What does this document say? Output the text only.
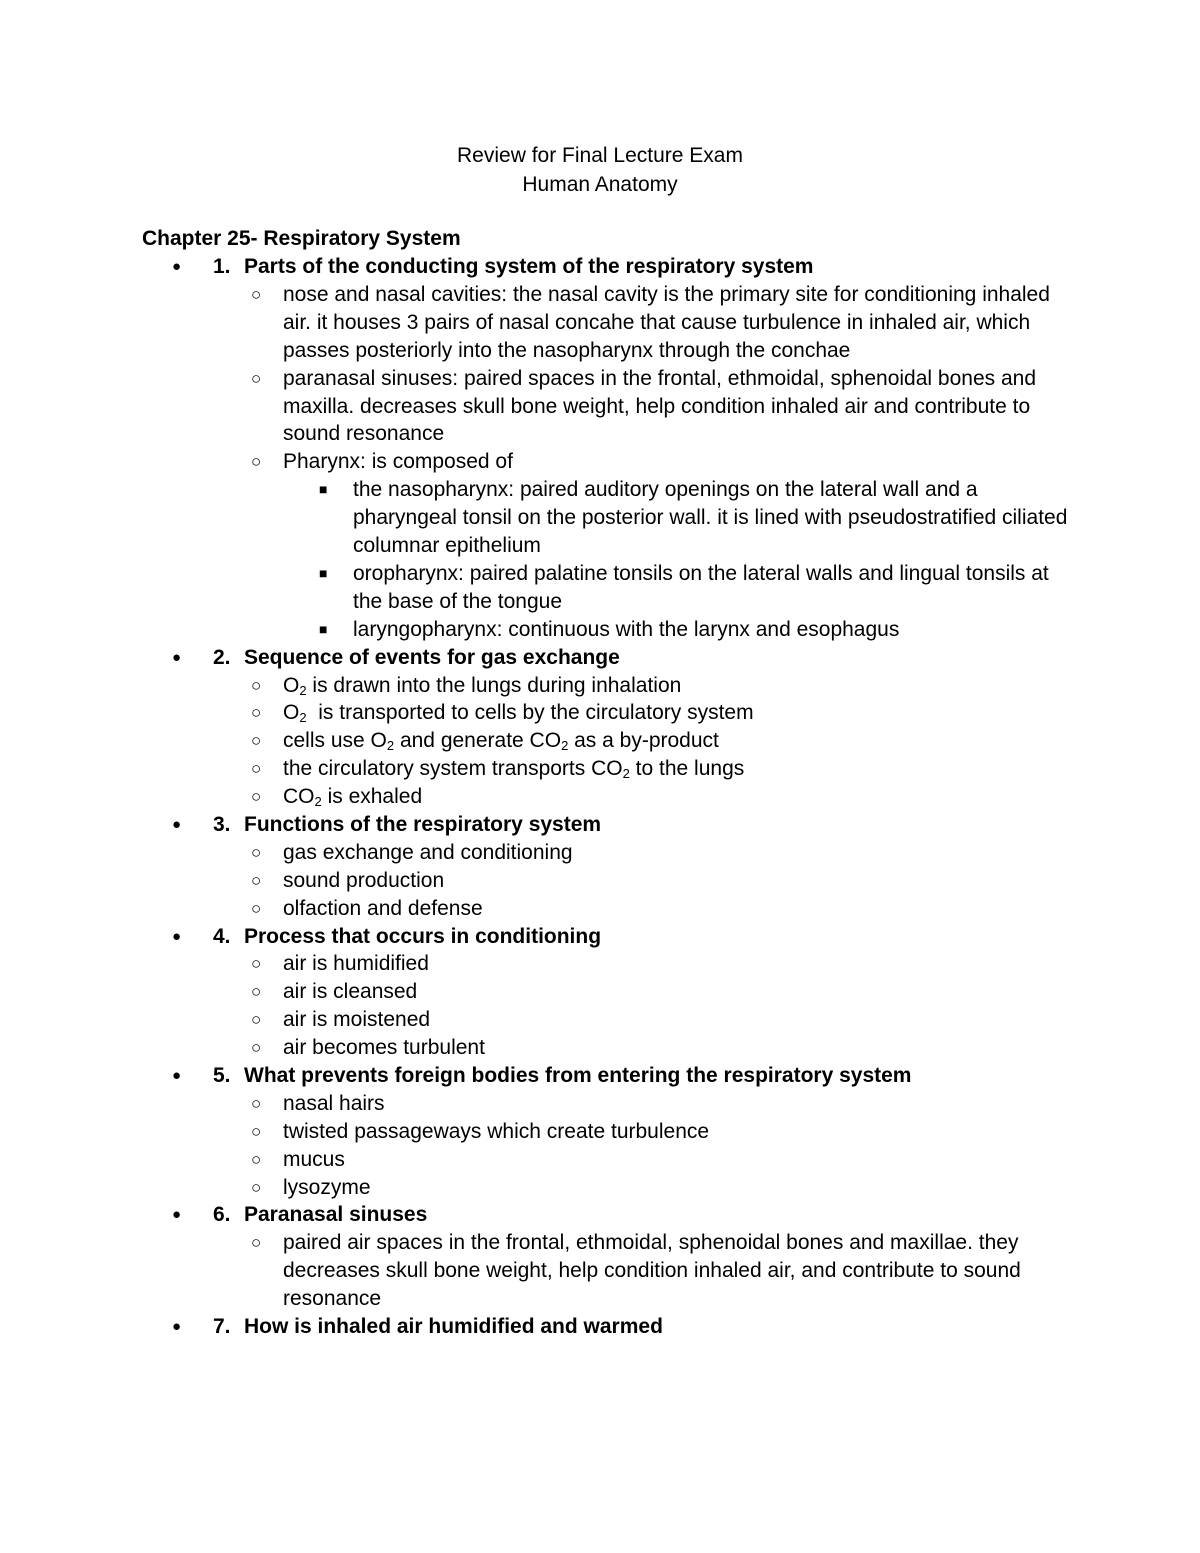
Review for Final Lecture Exam
Human Anatomy
Chapter 25- Respiratory System
●	1. Parts of the conducting system of the respiratory system
○ nose and nasal cavities: the nasal cavity is the primary site for conditioning inhaled air. it houses 3 pairs of nasal concahe that cause turbulence in inhaled air, which passes posteriorly into the nasopharynx through the conchae
○ paranasal sinuses: paired spaces in the frontal, ethmoidal, sphenoidal bones and maxilla. decreases skull bone weight, help condition inhaled air and contribute to sound resonance
○ Pharynx: is composed of
■ the nasopharynx: paired auditory openings on the lateral wall and a pharyngeal tonsil on the posterior wall. it is lined with pseudostratified ciliated columnar epithelium
■ oropharynx: paired palatine tonsils on the lateral walls and lingual tonsils at the base of the tongue
■ laryngopharynx: continuous with the larynx and esophagus
●	2. Sequence of events for gas exchange
○ $O_2$ is drawn into the lungs during inhalation
○ $O_2$  is transported to cells by the circulatory system
○ cells use $O_2$ and generate $CO_2$ as a by-product
○ the circulatory system transports $CO_2$ to the lungs
○ $CO_2$ is exhaled
●	3. Functions of the respiratory system
○ gas exchange and conditioning
○ sound production
○ olfaction and defense
●	4. Process that occurs in conditioning
○ air is humidified
○ air is cleansed
○ air is moistened
○ air becomes turbulent
●	5. What prevents foreign bodies from entering the respiratory system
○ nasal hairs
○ twisted passageways which create turbulence
○ mucus
○ lysozyme
●	6. Paranasal sinuses
○ paired air spaces in the frontal, ethmoidal, sphenoidal bones and maxillae. they decreases skull bone weight, help condition inhaled air, and contribute to sound resonance
●	7. How is inhaled air humidified and warmed
